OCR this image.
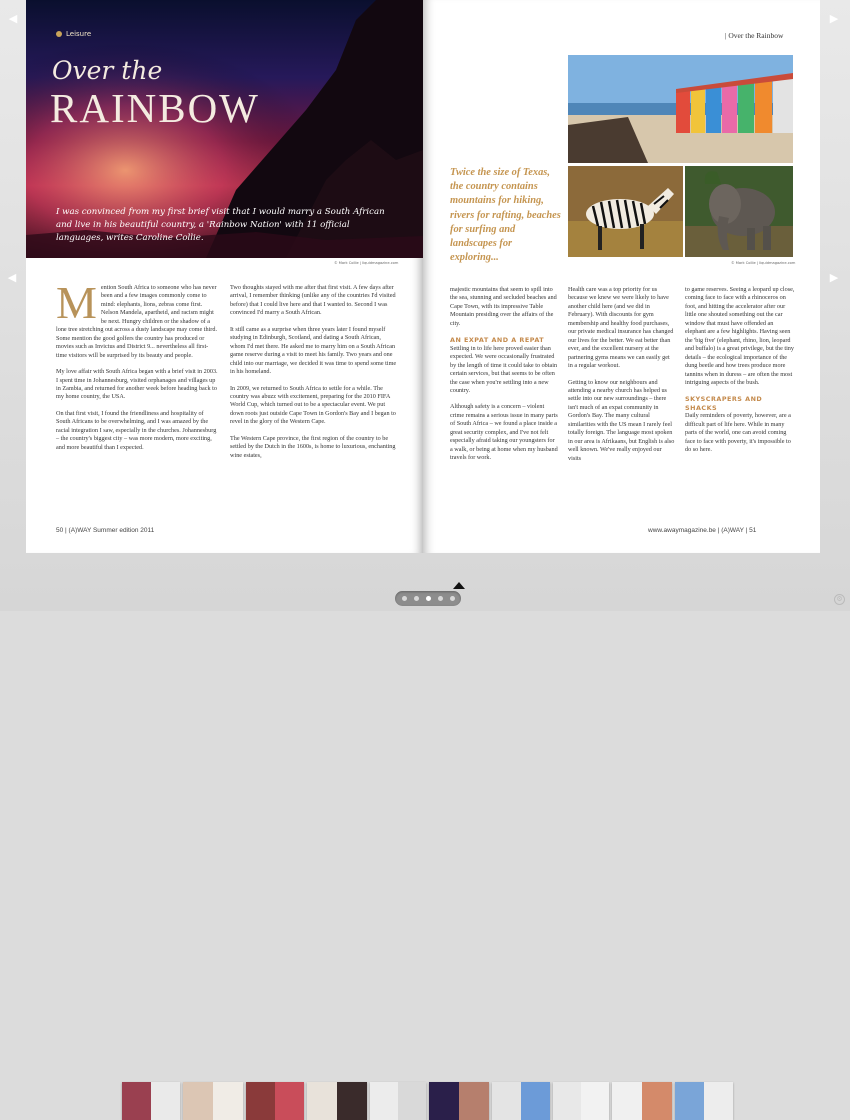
◀	▶
◀	▶
Leisure
Over the
RAINBOW
I was convinced from my first brief visit that I would marry a South African and live in his beautiful country, a 'Rainbow Nation' with 11 official languages, writes Caroline Collie.
© Mark Collie | liquidmagazine.com

Mention South Africa to someone who has never been and a few images commonly come to mind: elephants, lions, zebras come first. Nelson Mandela, apartheid, and racism might be next. Hungry children or the shadow of a lone tree stretching out across a dusty landscape may come third. Some mention the good golfers the country has produced or movies such as Invictus and District 9... nevertheless all first-time visitors will be surprised by its beauty and people.

My love affair with South Africa began with a brief visit in 2003. I spent time in Johannesburg, visited orphanages and villages up in Zambia, and returned for another week before heading back to my home country, the USA.

On that first visit, I found the friendliness and hospitality of South Africans to be overwhelming, and I was amazed by the racial integration I saw, especially in the churches. Johannesburg – the country's biggest city – was more modern, more exciting, and more beautiful than I expected.

Two thoughts stayed with me after that first visit. A few days after arrival, I remember thinking (unlike any of the countries I'd visited before) that I could live here and that I wanted to. Second I was convinced I'd marry a South African.

It still came as a surprise when three years later I found myself studying in Edinburgh, Scotland, and dating a South African, whom I'd met there. He asked me to marry him on a South African game reserve during a visit to meet his family. Two years and one child into our marriage, we decided it was time to spend some time in his homeland.

In 2009, we returned to South Africa to settle for a while. The country was abuzz with excitement, preparing for the 2010 FIFA World Cup, which turned out to be a spectacular event. We put down roots just outside Cape Town in Gordon's Bay and I began to revel in the glory of the Western Cape.

The Western Cape province, the first region of the country to be settled by the Dutch in the 1600s, is home to luxurious, enchanting wine estates,

50 | (A)WAY Summer edition 2011
| Over the Rainbow
© Mark Collie | liquidmagazine.com
Twice the size of Texas, the country contains mountains for hiking, rivers for rafting, beaches for surfing and landscapes for exploring...

majestic mountains that seem to spill into the sea, stunning and secluded beaches and Cape Town, with its impressive Table Mountain presiding over the affairs of the city.

AN EXPAT AND A REPAT

Settling in to life here proved easier than expected. We were occasionally frustrated by the length of time it could take to obtain certain services, but that seems to be often the case when you're settling into a new country.

Although safety is a concern – violent crime remains a serious issue in many parts of South Africa – we found a place inside a great security complex, and I've not felt especially afraid taking our youngsters for a walk, or being at home when my husband travels for work.

Health care was a top priority for us because we knew we were likely to have another child here (and we did in February). With discounts for gym membership and healthy food purchases, our private medical insurance has changed our lives for the better. We eat better than ever, and the excellent nursery at the partnering gyms means we can easily get in a regular workout.

Getting to know our neighbours and attending a nearby church has helped us settle into our new surroundings – there isn't much of an expat community in Gordon's Bay. The many cultural similarities with the US mean I rarely feel totally foreign. The language most spoken in our area is Afrikaans, but English is also well known. We've really enjoyed our visits

to game reserves. Seeing a leopard up close, coming face to face with a rhinoceros on foot, and hitting the accelerator after our little one shouted something out the car window that must have offended an elephant are a few highlights. Having seen the 'big five' (elephant, rhino, lion, leopard and buffalo) is a great privilege, but the tiny details – the ecological importance of the dung beetle and how trees produce more tannins when in duress – are often the most intriguing aspects of the bush.

SKYSCRAPERS AND SHACKS

Daily reminders of poverty, however, are a difficult part of life here. While in many parts of the world, one can avoid coming face to face with poverty, it's impossible to do so here.

www.awaymagazine.be | (A)WAY | 51
⚙
